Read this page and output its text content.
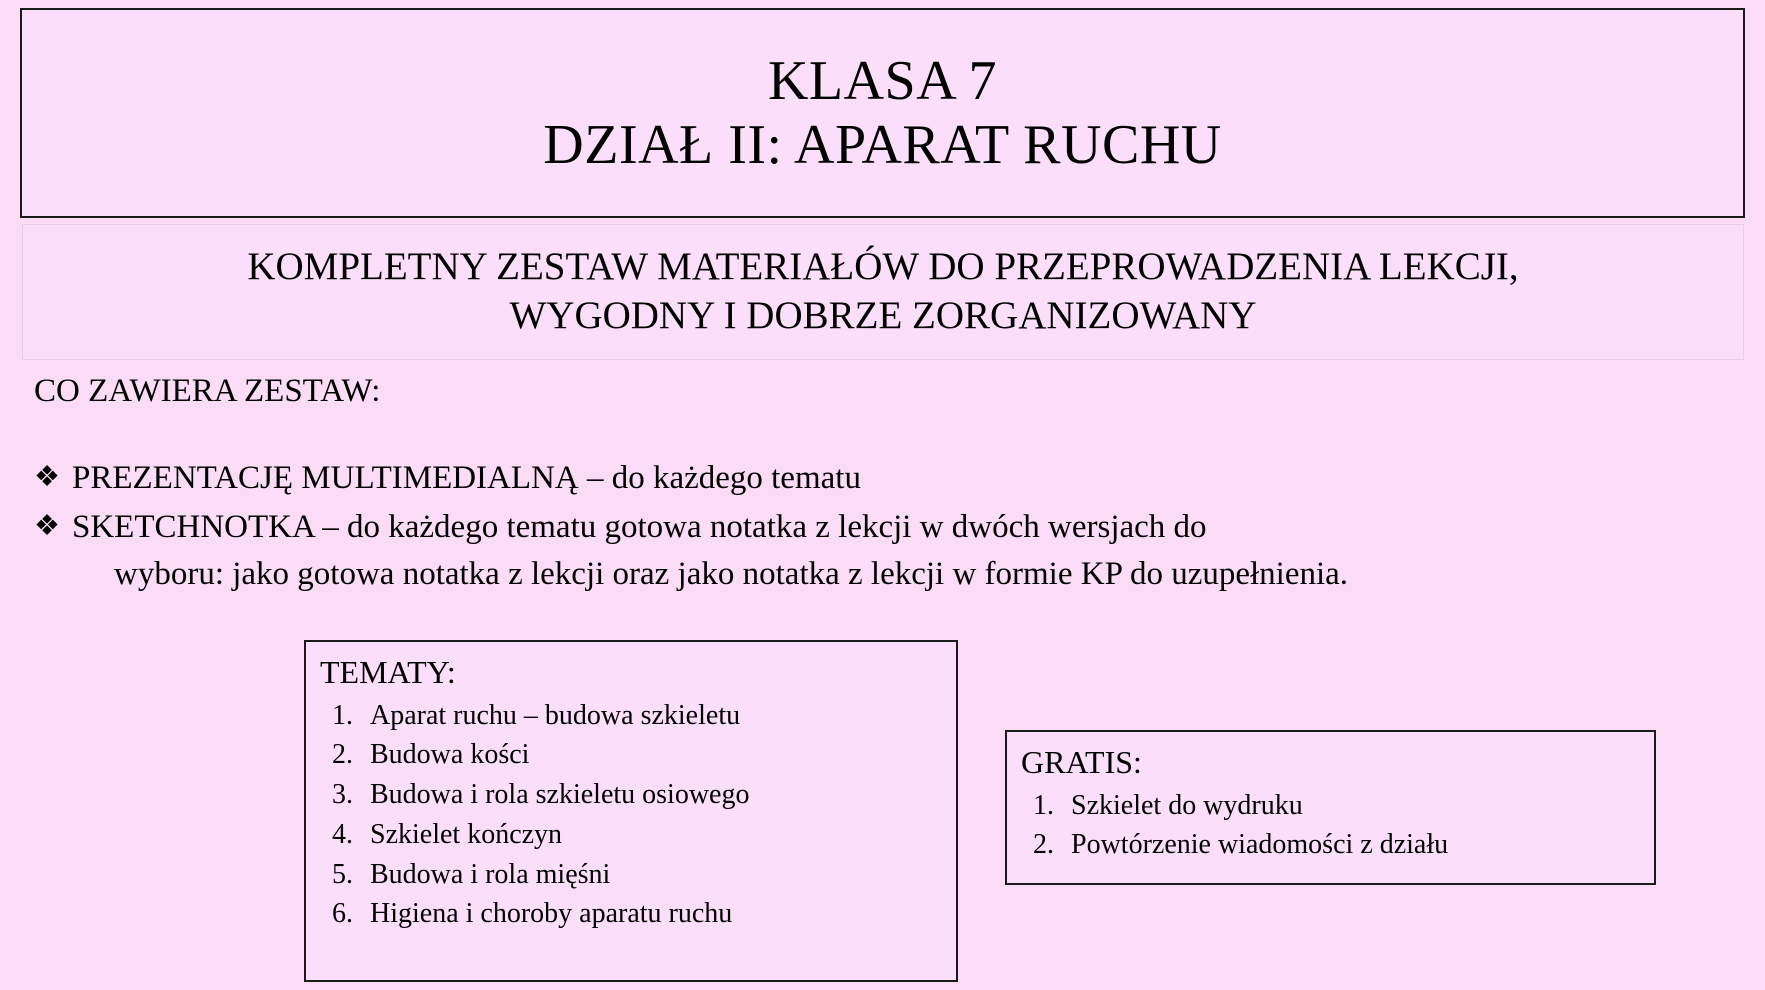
KLASA 7
DZIAŁ II: APARAT RUCHU
KOMPLETNY ZESTAW MATERIAŁÓW DO PRZEPROWADZENIA LEKCJI,
WYGODNY I DOBRZE ZORGANIZOWANY
CO ZAWIERA ZESTAW:
❖ PREZENTACJĘ MULTIMEDIALNĄ – do każdego tematu
❖ SKETCHNOTKA – do każdego tematu gotowa notatka z lekcji w dwóch wersjach do
wyboru: jako gotowa notatka z lekcji oraz jako notatka z lekcji w formie KP do uzupełnienia.
TEMATY:
1. Aparat ruchu – budowa szkieletu
2. Budowa kości
3. Budowa i rola szkieletu osiowego
4. Szkielet kończyn
5. Budowa i rola mięśni
6. Higiena i choroby aparatu ruchu
GRATIS:
1. Szkielet do wydruku
2. Powtórzenie wiadomości z działu
